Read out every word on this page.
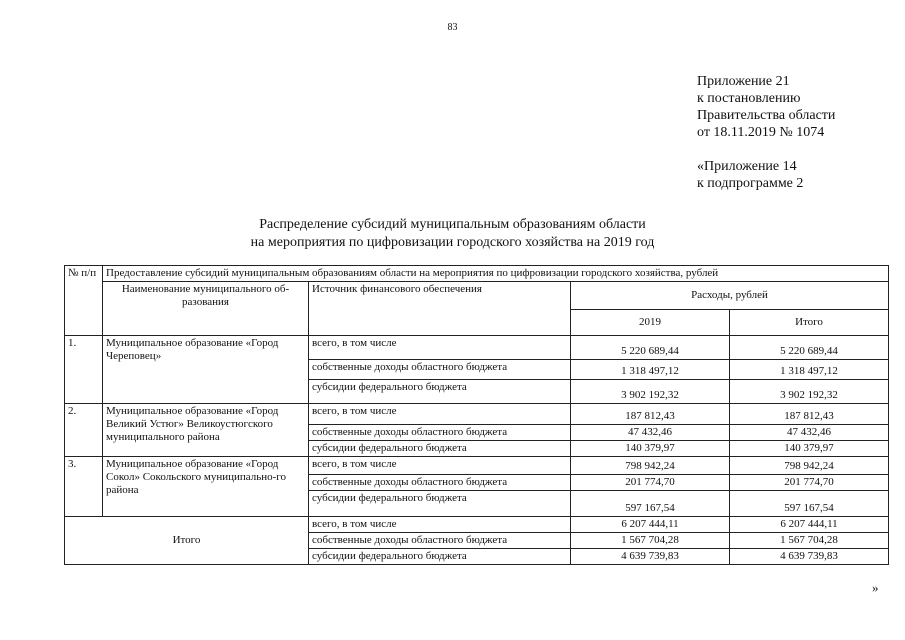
83
Приложение 21
к постановлению
Правительства области
от 18.11.2019 № 1074
«Приложение 14
к подпрограмме 2
Распределение субсидий муниципальным образованиям области
на мероприятия по цифровизации городского хозяйства на 2019 год
№ п/п	Предоставление субсидий муниципальным образованиям области на мероприятия по цифровизации городского хозяйства, рублей			
	Наименование муниципального об-разования	Источник финансового обеспечения	Расходы, рублей	
			2019	Итого
1.	Муниципальное образование «Город Череповец»	всего, в том числе	5 220 689,44	5 220 689,44
		собственные доходы областного бюджета	1 318 497,12	1 318 497,12
		субсидии федерального бюджета	3 902 192,32	3 902 192,32
2.	Муниципальное образование «Город Великий Устюг» Великоустюгского муниципального района	всего, в том числе	187 812,43	187 812,43
		собственные доходы областного бюджета	47 432,46	47 432,46
		субсидии федерального бюджета	140 379,97	140 379,97
3.	Муниципальное образование «Город Сокол» Сокольского муниципально-го района	всего, в том числе	798 942,24	798 942,24
		собственные доходы областного бюджета	201 774,70	201 774,70
		субсидии федерального бюджета	597 167,54	597 167,54
Итого		всего, в том числе	6 207 444,11	6 207 444,11
		собственные доходы областного бюджета	1 567 704,28	1 567 704,28
		субсидии федерального бюджета	4 639 739,83	4 639 739,83
»
